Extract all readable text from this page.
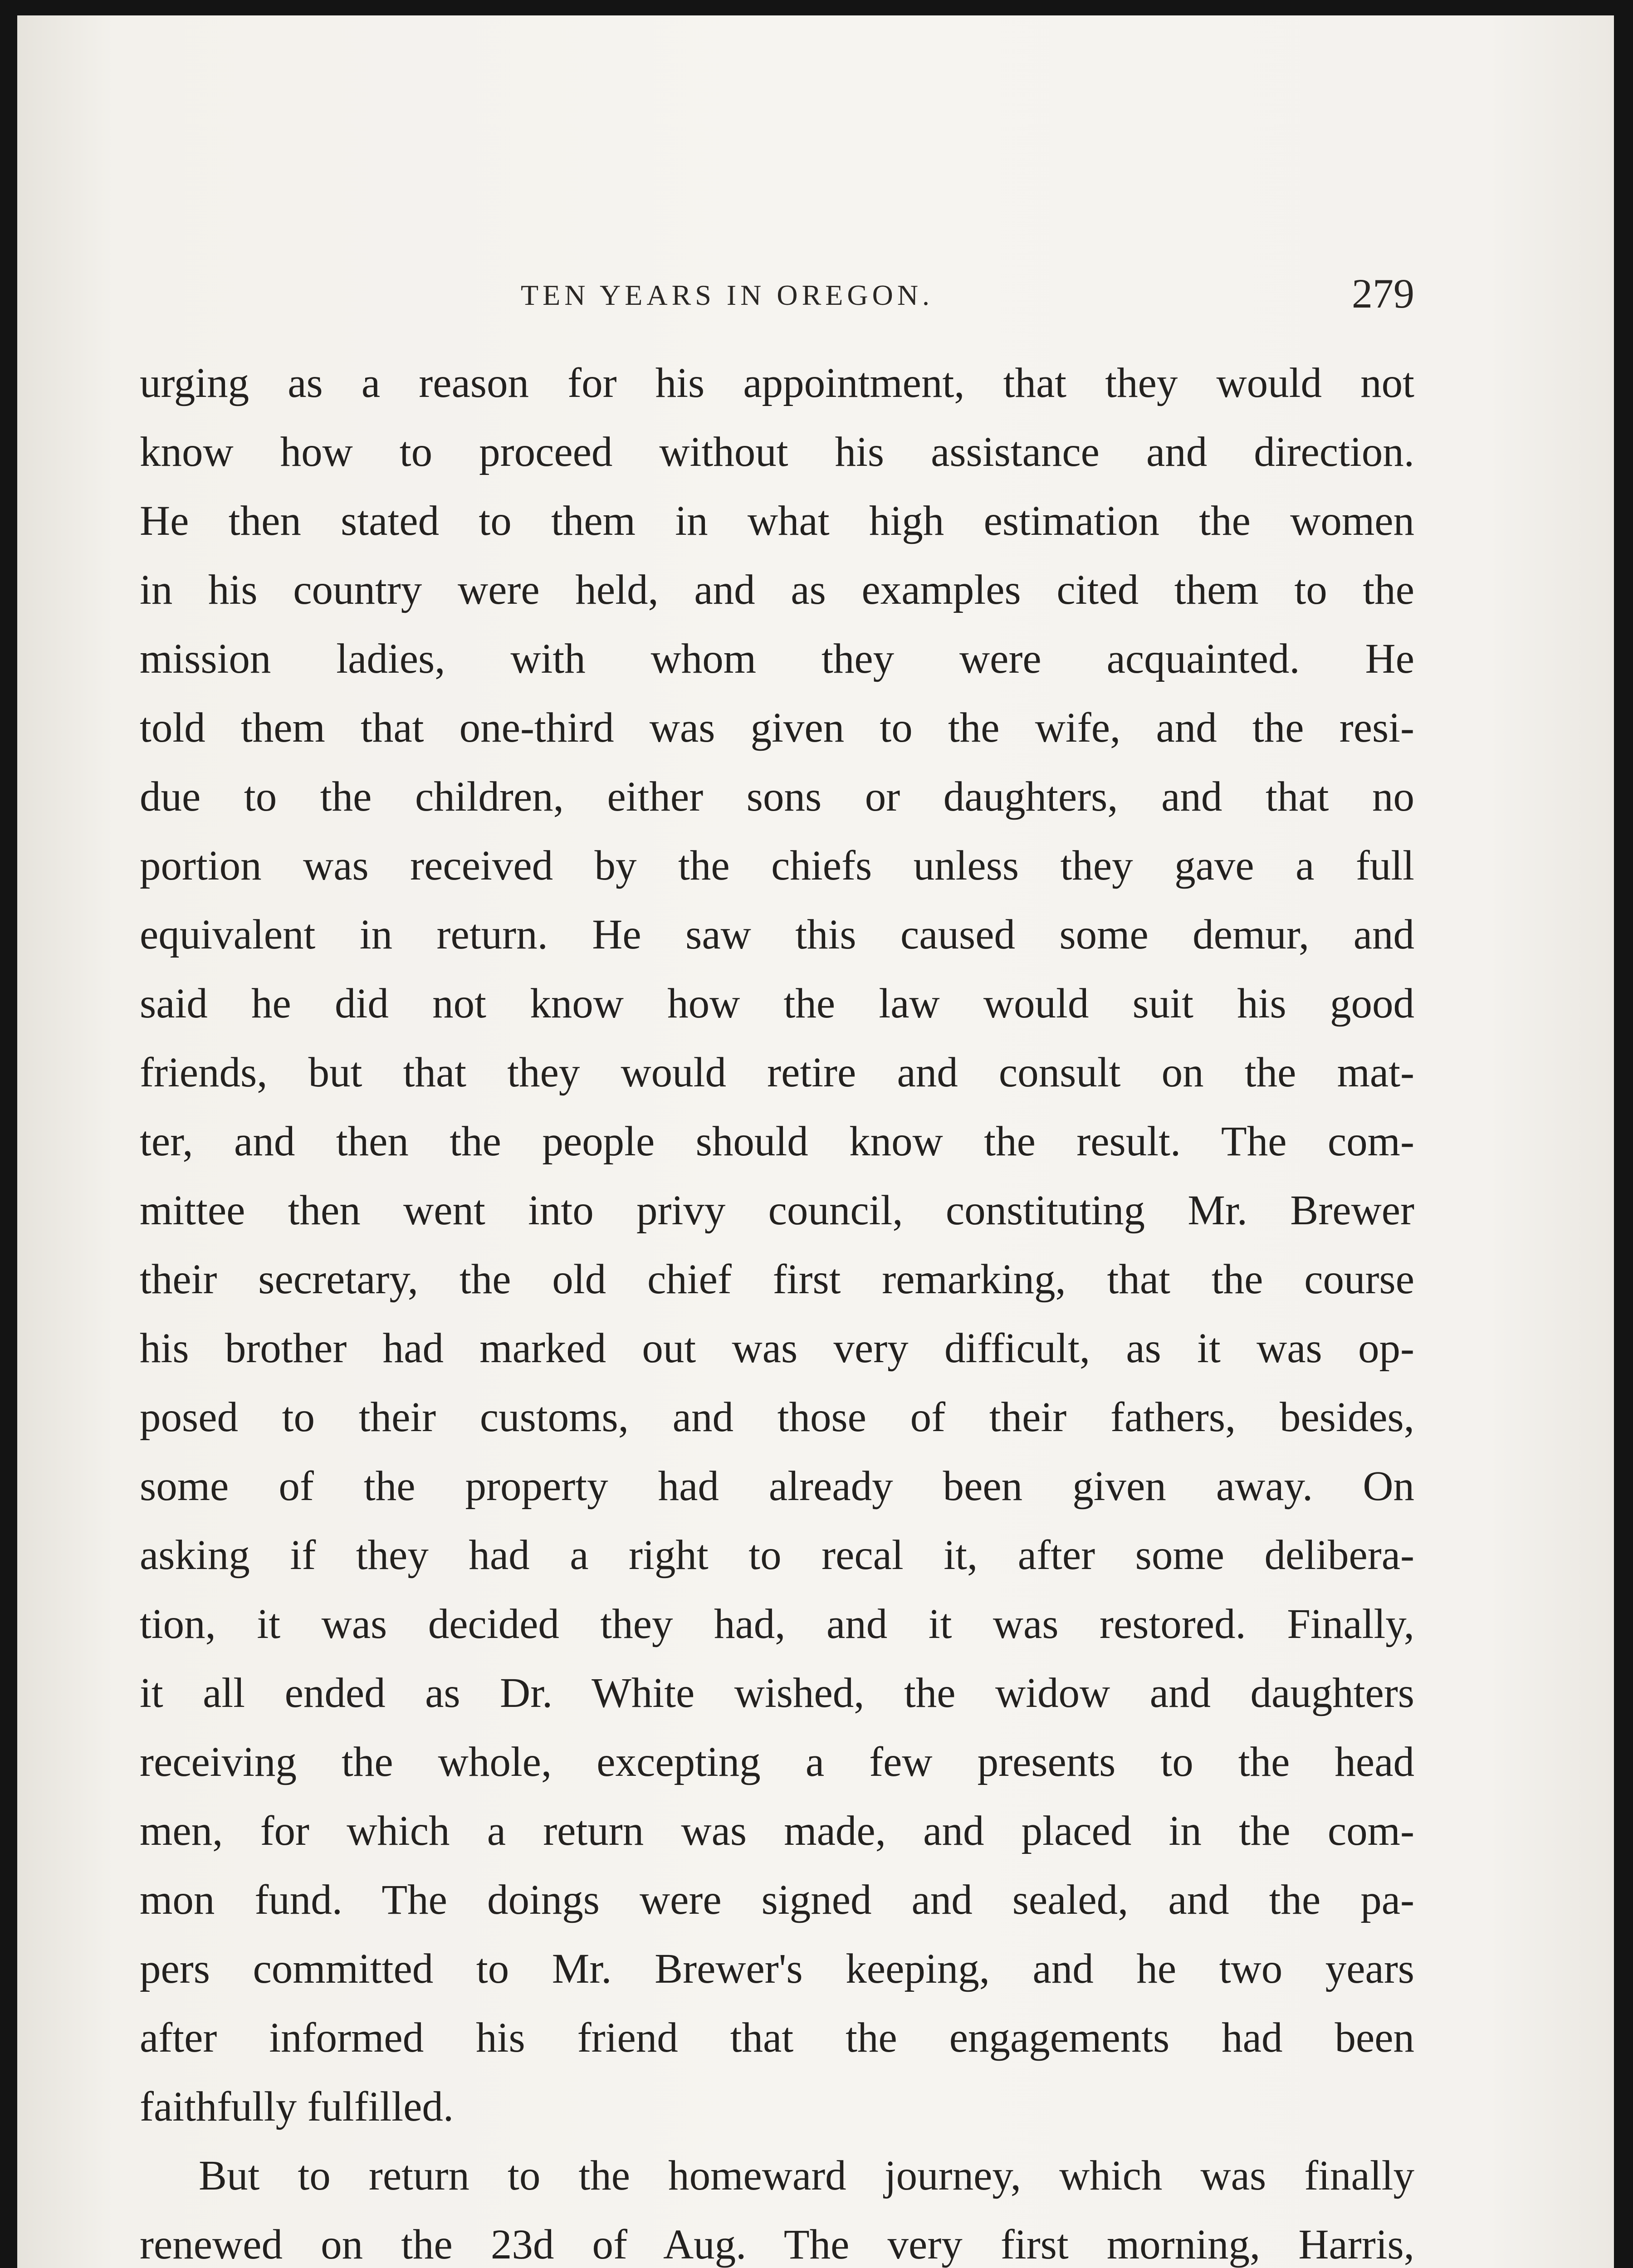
TEN YEARS IN OREGON.	279
urging as a reason for his appointment, that they would not
know how to proceed without his assistance and direction.
He then stated to them in what high estimation the women
in his country were held, and as examples cited them to the
mission ladies, with whom they were acquainted. He
told them that one-third was given to the wife, and the resi-
due to the children, either sons or daughters, and that no
portion was received by the chiefs unless they gave a full
equivalent in return. He saw this caused some demur, and
said he did not know how the law would suit his good
friends, but that they would retire and consult on the mat-
ter, and then the people should know the result. The com-
mittee then went into privy council, constituting Mr. Brewer
their secretary, the old chief first remarking, that the course
his brother had marked out was very difficult, as it was op-
posed to their customs, and those of their fathers, besides,
some of the property had already been given away. On
asking if they had a right to recal it, after some delibera-
tion, it was decided they had, and it was restored. Finally,
it all ended as Dr. White wished, the widow and daughters
receiving the whole, excepting a few presents to the head
men, for which a return was made, and placed in the com-
mon fund. The doings were signed and sealed, and the pa-
pers committed to Mr. Brewer's keeping, and he two years
after informed his friend that the engagements had been
faithfully fulfilled.
But to return to the homeward journey, which was finally
renewed on the 23d of Aug. The very first morning, Harris,
